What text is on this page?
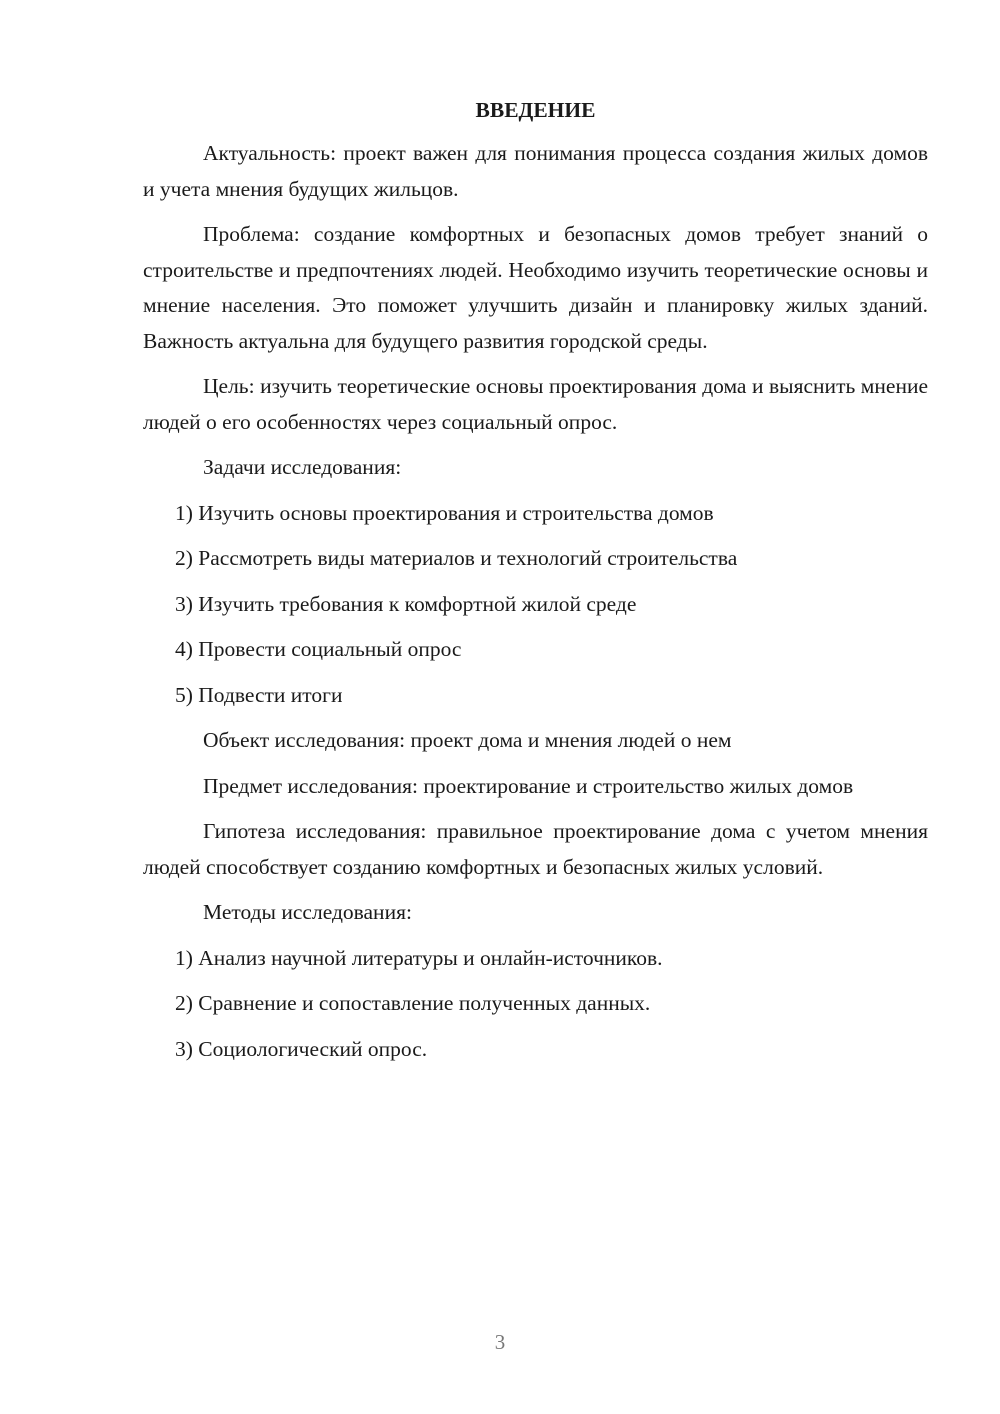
ВВЕДЕНИЕ
Актуальность: проект важен для понимания процесса создания жилых домов и учета мнения будущих жильцов.
Проблема: создание комфортных и безопасных домов требует знаний о строительстве и предпочтениях людей. Необходимо изучить теоретические основы и мнение населения. Это поможет улучшить дизайн и планировку жилых зданий. Важность актуальна для будущего развития городской среды.
Цель: изучить теоретические основы проектирования дома и выяснить мнение людей о его особенностях через социальный опрос.
Задачи исследования:
1) Изучить основы проектирования и строительства домов
2) Рассмотреть виды материалов и технологий строительства
3) Изучить требования к комфортной жилой среде
4) Провести социальный опрос
5) Подвести итоги
Объект исследования: проект дома и мнения людей о нем
Предмет исследования: проектирование и строительство жилых домов
Гипотеза исследования: правильное проектирование дома с учетом мнения людей способствует созданию комфортных и безопасных жилых условий.
Методы исследования:
1) Анализ научной литературы и онлайн-источников.
2) Сравнение и сопоставление полученных данных.
3) Социологический опрос.
3
